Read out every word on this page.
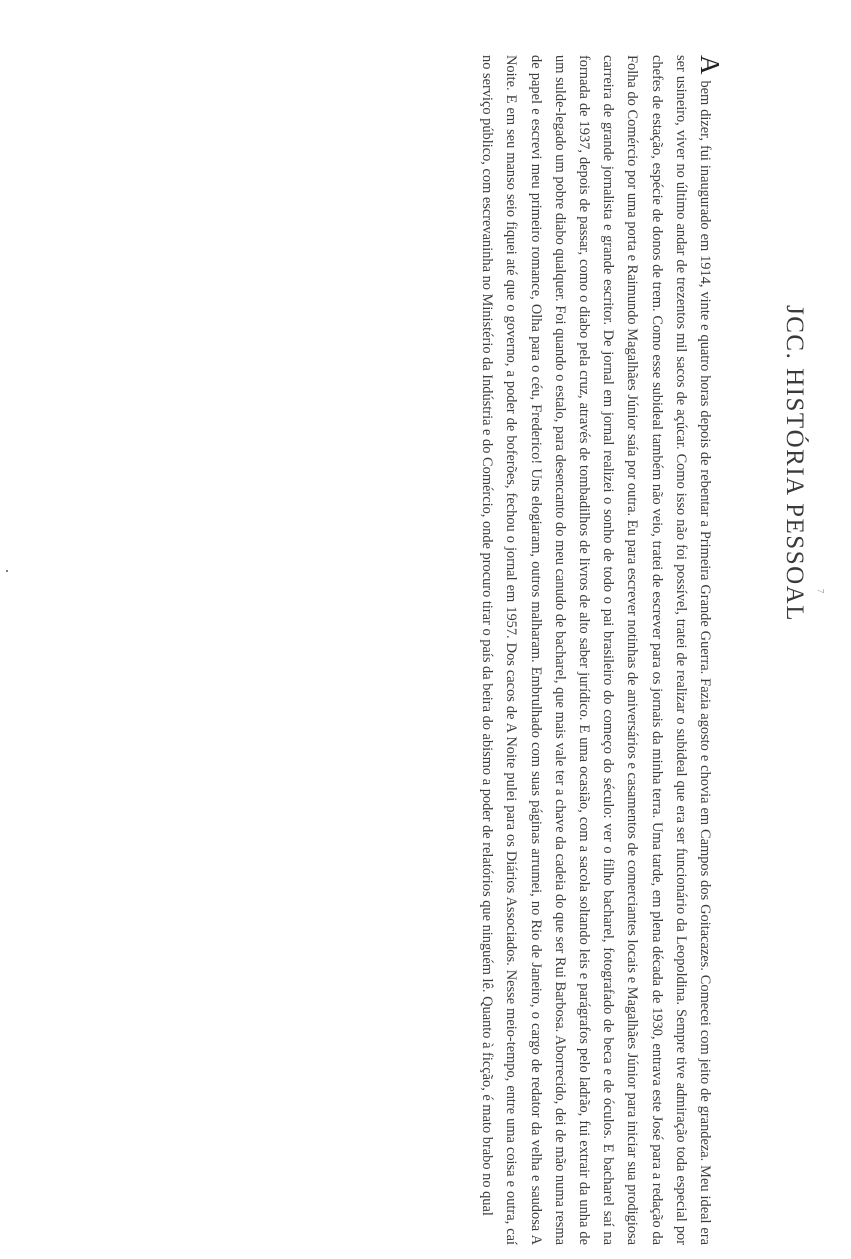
JCC. HISTÓRIA PESSOAL

A bem dizer, fui inaugurado em 1914, vinte e quatro horas depois de rebentar a Primeira Grande Guerra. Fazia agosto e chovia em Campos dos Goitacazes. Comecei com jeito de grandeza. Meu ideal era ser usineiro, viver no último andar de trezentos mil sacos de açúcar. Como isso não foi possível, tratei de realizar o subideal que era ser funcionário da Leopoldina. Sempre tive admiração toda especial por chefes de estação, espécie de donos de trem. Como esse subideal também não veio, tratei de escrever para os jornais da minha terra. Uma tarde, em plena década de 1930, entrava este José para a redação da Folha do Comércio por uma porta e Raimundo Magalhães Júnior saía por outra. Eu para escrever notinhas de aniversários e casamentos de comerciantes locais e Magalhães Júnior para iniciar sua prodigiosa carreira de grande jornalista e grande escritor. De jornal em jornal realizei o sonho de todo o pai brasileiro do começo do século: ver o filho bacharel, fotografado de beca e de óculos. E bacharel saí na fornada de 1937, depois de passar, como o diabo pela cruz, através de tombadilhos de livros de alto saber jurídico. E uma ocasião, com a sacola soltando leis e parágrafos pelo ladrão, fui extrair da unha de um sulde-legado um pobre diabo qualquer. Foi quando o estalo, para desencanto do meu canudo de bacharel, que mais vale ter a chave da cadeia do que ser Rui Barbosa. Aborrecido, dei de mão numa resma de papel e escrevi meu primeiro romance, Olha para o céu, Frederico! Uns elogiaram, outros malharam. Embrulhado com suas páginas arrumei, no Rio de Janeiro, o cargo de redator da velha e saudosa A Noite. E em seu manso seio fiquei até que o governo, a poder de boferões, fechou o jornal em 1957. Dos cacos de A Noite pulei para os Diários Associados. Nesse meio-tempo, entre uma coisa e outra, caí no serviço público, com escrevaninha no Ministério da Indústria e do Comércio, onde procuro tirar o país da beira do abismo a poder de relatórios que ninguém lê. Quanto à ficção, é mato brabo no qual	7
